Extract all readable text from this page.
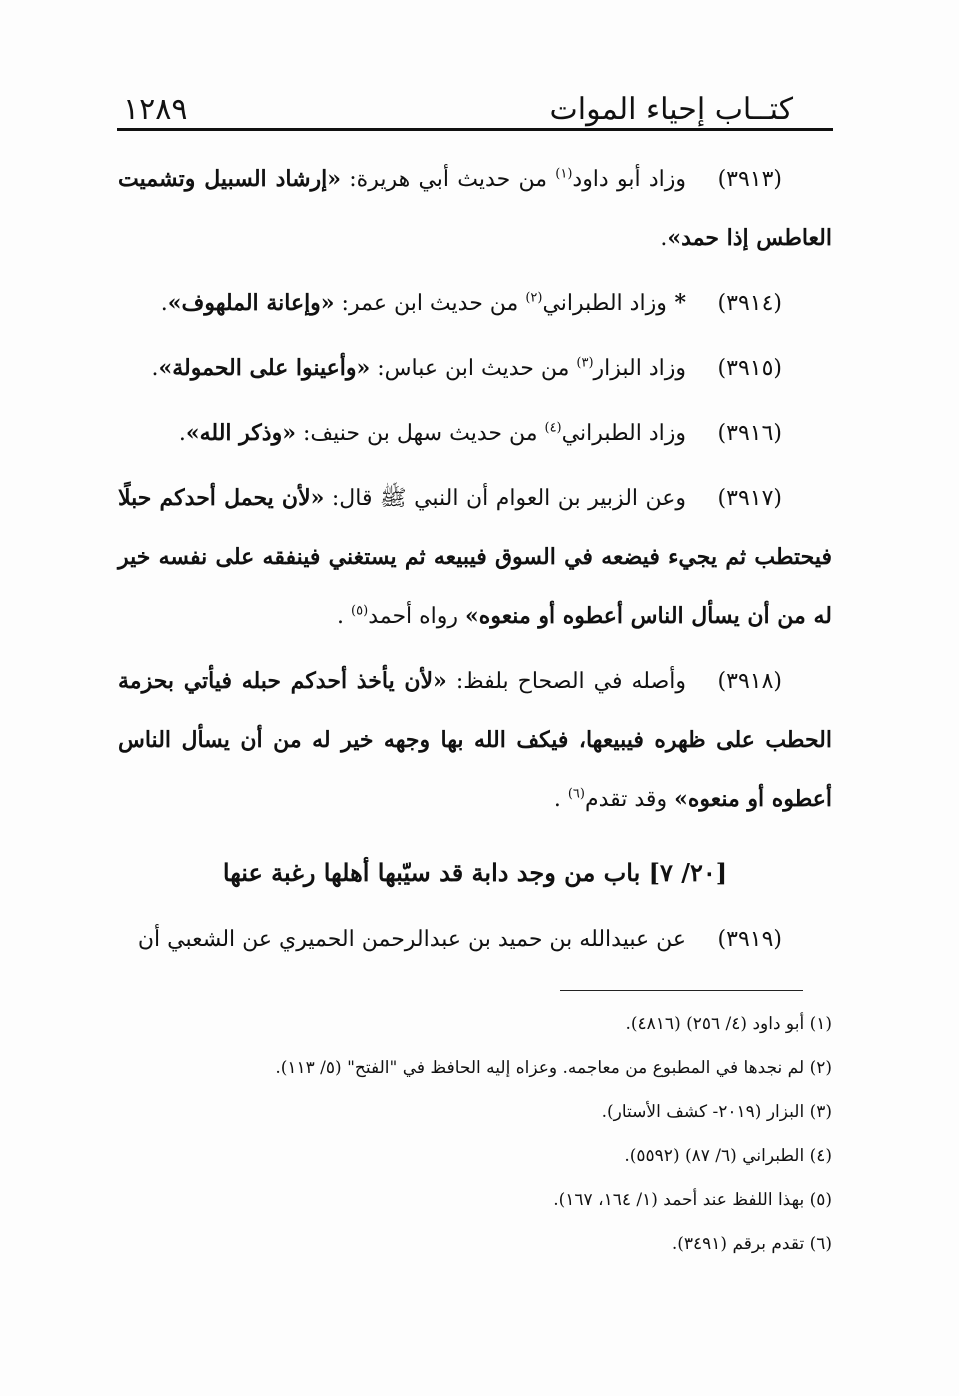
كتــاب إحياء الموات
١٢٨٩

(٣٩١٣)وزاد أبو داود$^{(١)}$ من حديث أبي هريرة: «إرشاد السبيل وتشميت العاطس إذا حمد».

(٣٩١٤)* وزاد الطبراني$^{(٢)}$ من حديث ابن عمر: «وإعانة الملهوف».

(٣٩١٥)وزاد البزار$^{(٣)}$ من حديث ابن عباس: «وأعينوا على الحمولة».

(٣٩١٦)وزاد الطبراني$^{(٤)}$ من حديث سهل بن حنيف: «وذكر الله».

(٣٩١٧)وعن الزبير بن العوام أن النبي ﷺ قال: «لأن يحمل أحدكم حبلًا فيحتطب ثم يجيء فيضعه في السوق فيبيعه ثم يستغني فينفقه على نفسه خير له من أن يسأل الناس أعطوه أو منعوه» رواه أحمد$^{(٥)}$ .

(٣٩١٨)وأصله في الصحاح بلفظ: «لأن يأخذ أحدكم حبله فيأتي بحزمة الحطب على ظهره فيبيعها، فيكف الله بها وجهه خير له من أن يسأل الناس أعطوه أو منعوه» وقد تقدم$^{(٦)}$ .

[٢٠/ ٧] باب من وجد دابة قد سيّبها أهلها رغبة عنها

(٣٩١٩)عن عبيدالله بن حميد بن عبدالرحمن الحميري عن الشعبي أن

(١) أبو داود (٤/ ٢٥٦) (٤٨١٦).
(٢) لم نجدها في المطبوع من معاجمه. وعزاه إليه الحافظ في "الفتح" (٥/ ١١٣).
(٣) البزار (٢٠١٩- كشف الأستار).
(٤) الطبراني (٦/ ٨٧) (٥٥٩٢).
(٥) بهذا اللفظ عند أحمد (١/ ١٦٤، ١٦٧).
(٦) تقدم برقم (٣٤٩١).
